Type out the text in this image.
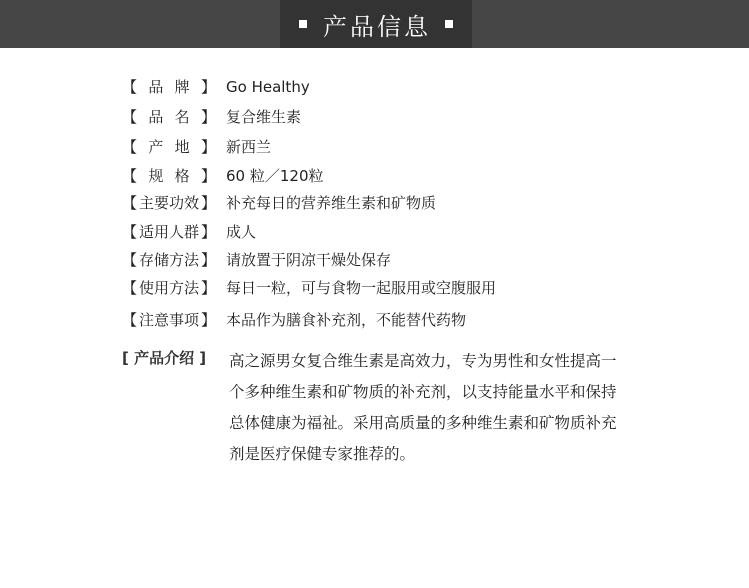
产品信息
【 品 牌 】 Go Healthy
【 品 名 】 复合维生素
【 产 地 】 新西兰
【 规 格 】 60 粒／120粒
【 主要功效 】 补充每日的营养维生素和矿物质
【 适用人群 】 成人
【 存储方法 】 请放置于阴凉干燥处保存
【 使用方法 】 每日一粒，可与食物一起服用或空腹服用
【 注意事项 】 本品作为膳食补充剂，不能替代药物
[ 产品介绍 ] 高之源男女复合维生素是高效力，专为男性和女性提高一个多种维生素和矿物质的补充剂，以支持能量水平和保持总体健康为福祉。采用高质量的多种维生素和矿物质补充剂是医疗保健专家推荐的。
